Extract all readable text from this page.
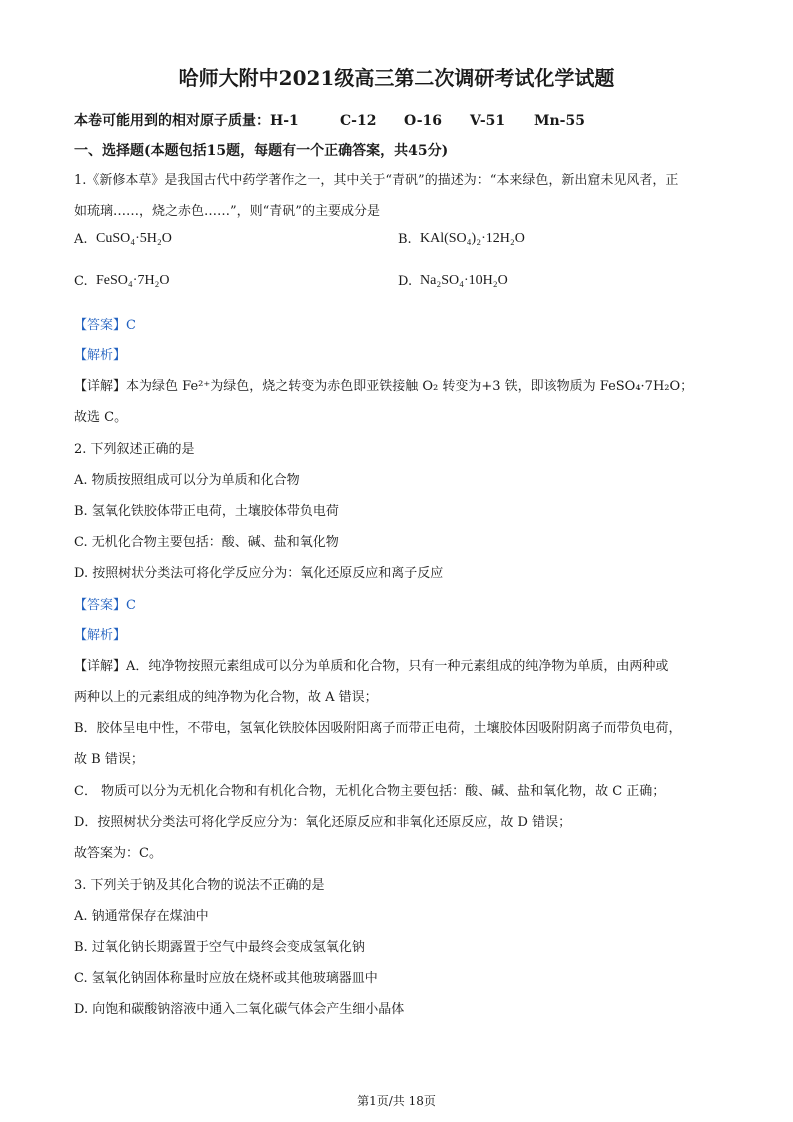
哈师大附中2021级高三第二次调研考试化学试题
本卷可能用到的相对原子质量：H-1	C-12 O-16 V-51 Mn-55
一、选择题(本题包括15题，每题有一个正确答案，共45分)
1.《新修本草》是我国古代中药学著作之一，其中关于“青矾”的描述为：“本来绿色，新出窟未见风者，正
如琉璃……，烧之赤色……”，则“青矾”的主要成分是
A. CuSO₄·5H₂O	B. KAl(SO₄)₂·12H₂O
C. FeSO₄·7H₂O	D. Na₂SO₄·10H₂O
【答案】C
【解析】
【详解】本为绿色 Fe²⁺为绿色，烧之转变为赤色即亚铁接触 O₂ 转变为+3 铁，即该物质为 FeSO₄·7H₂O；
故选 C。
2. 下列叙述正确的是
A. 物质按照组成可以分为单质和化合物
B. 氢氧化铁胶体带正电荷，土壤胶体带负电荷
C. 无机化合物主要包括：酸、碱、盐和氧化物
D. 按照树状分类法可将化学反应分为：氧化还原反应和离子反应
【答案】C
【解析】
【详解】A．纯净物按照元素组成可以分为单质和化合物，只有一种元素组成的纯净物为单质，由两种或
两种以上的元素组成的纯净物为化合物，故 A 错误；
B．胶体呈电中性，不带电，氢氧化铁胶体因吸附阳离子而带正电荷，土壤胶体因吸附阴离子而带负电荷，
故 B 错误；
C． 物质可以分为无机化合物和有机化合物，无机化合物主要包括：酸、碱、盐和氧化物，故 C 正确；
D．按照树状分类法可将化学反应分为：氧化还原反应和非氧化还原反应，故 D 错误；
故答案为：C。
3. 下列关于钠及其化合物的说法不正确的是
A. 钠通常保存在煤油中
B. 过氧化钠长期露置于空气中最终会变成氢氧化钠
C. 氢氧化钠固体称量时应放在烧杯或其他玻璃器皿中
D. 向饱和碳酸钠溶液中通入二氧化碳气体会产生细小晶体
第1页/共 18页
